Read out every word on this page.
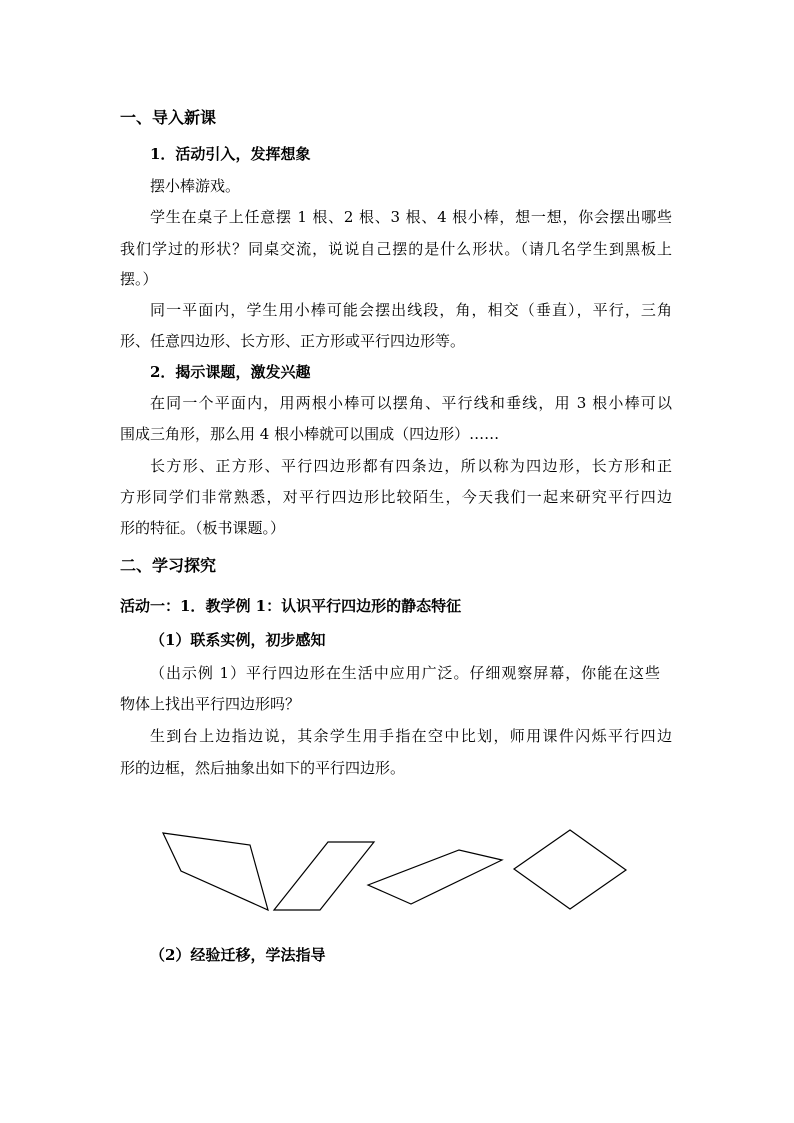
一、导入新课
1．活动引入，发挥想象
摆小棒游戏。
学生在桌子上任意摆 1 根、2 根、3 根、4 根小棒，想一想，你会摆出哪些
我们学过的形状？同桌交流，说说自己摆的是什么形状。（请几名学生到黑板上
摆。）
同一平面内，学生用小棒可能会摆出线段，角，相交（垂直），平行，三角
形、任意四边形、长方形、正方形或平行四边形等。
2．揭示课题，激发兴趣
在同一个平面内，用两根小棒可以摆角、平行线和垂线，用 3 根小棒可以
围成三角形，那么用 4 根小棒就可以围成（四边形）……
长方形、正方形、平行四边形都有四条边，所以称为四边形，长方形和正
方形同学们非常熟悉，对平行四边形比较陌生，今天我们一起来研究平行四边
形的特征。（板书课题。）
二、学习探究
活动一：1．教学例 1：认识平行四边形的静态特征
（1）联系实例，初步感知
（出示例 1）平行四边形在生活中应用广泛。仔细观察屏幕，你能在这些
物体上找出平行四边形吗？
生到台上边指边说，其余学生用手指在空中比划，师用课件闪烁平行四边
形的边框，然后抽象出如下的平行四边形。
（2）经验迁移，学法指导
